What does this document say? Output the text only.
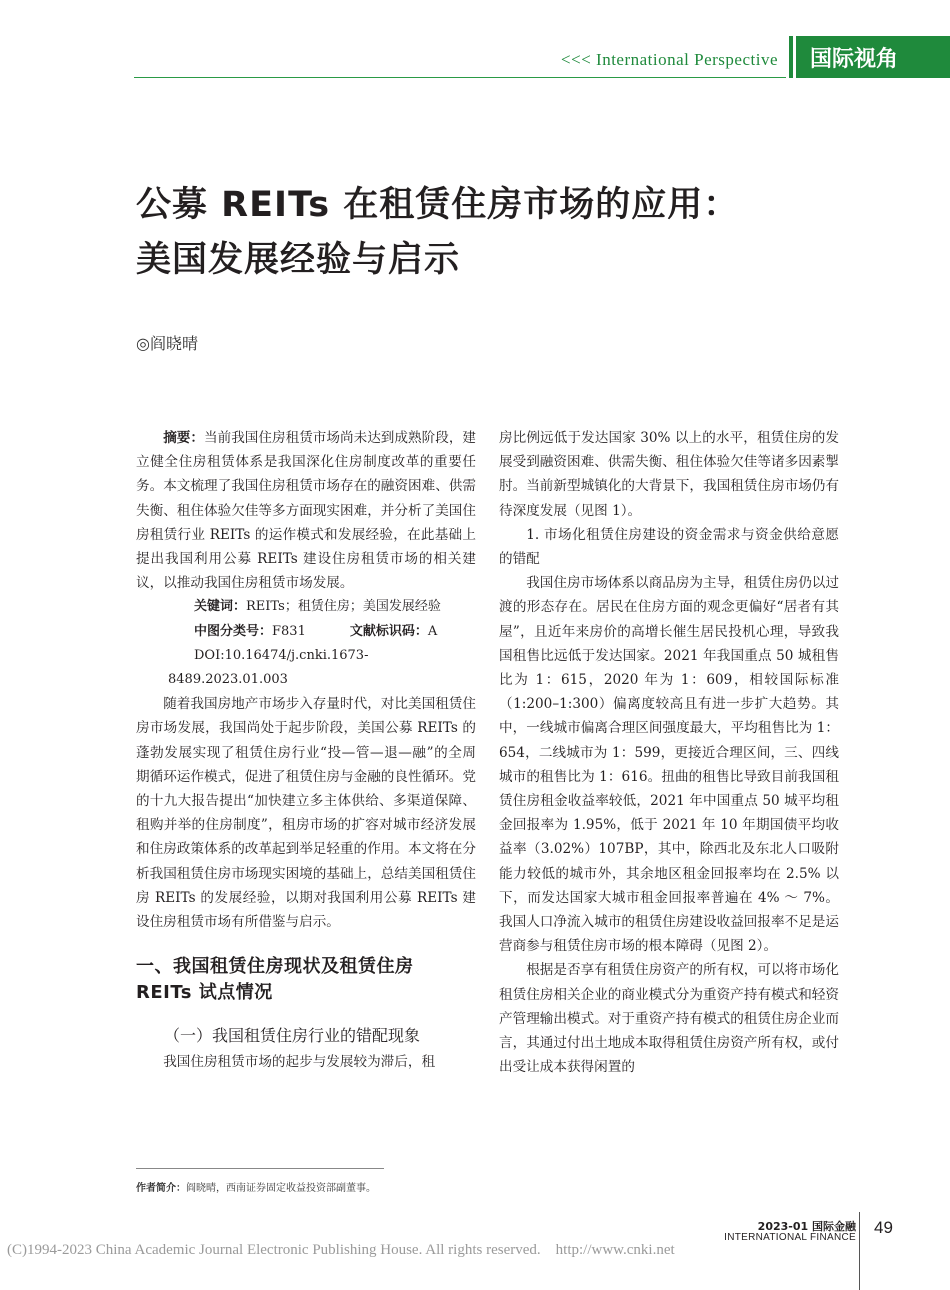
<<< International Perspective 国际视角
公募 REITs 在租赁住房市场的应用：
美国发展经验与启示
◎阎晓晴

摘要：当前我国住房租赁市场尚未达到成熟阶段，建立健全住房租赁体系是我国深化住房制度改革的重要任务。本文梳理了我国住房租赁市场存在的融资困难、供需失衡、租住体验欠佳等多方面现实困难，并分析了美国住房租赁行业 REITs 的运作模式和发展经验，在此基础上提出我国利用公募 REITs 建设住房租赁市场的相关建议，以推动我国住房租赁市场发展。

关键词：REITs；租赁住房；美国发展经验

中图分类号：F831	文献标识码：A

DOI:10.16474/j.cnki.1673-8489.2023.01.003

随着我国房地产市场步入存量时代，对比美国租赁住房市场发展，我国尚处于起步阶段，美国公募 REITs 的蓬勃发展实现了租赁住房行业“投—管—退—融”的全周期循环运作模式，促进了租赁住房与金融的良性循环。党的十九大报告提出“加快建立多主体供给、多渠道保障、租购并举的住房制度”，租房市场的扩容对城市经济发展和住房政策体系的改革起到举足轻重的作用。本文将在分析我国租赁住房市场现实困境的基础上，总结美国租赁住房 REITs 的发展经验，以期对我国利用公募 REITs 建设住房租赁市场有所借鉴与启示。

一、我国租赁住房现状及租赁住房
REITs 试点情况
（一）我国租赁住房行业的错配现象

我国住房租赁市场的起步与发展较为滞后，租

房比例远低于发达国家 30% 以上的水平，租赁住房的发展受到融资困难、供需失衡、租住体验欠佳等诸多因素掣肘。当前新型城镇化的大背景下，我国租赁住房市场仍有待深度发展（见图 1）。

1. 市场化租赁住房建设的资金需求与资金供给意愿的错配

我国住房市场体系以商品房为主导，租赁住房仍以过渡的形态存在。居民在住房方面的观念更偏好“居者有其屋”，且近年来房价的高增长催生居民投机心理，导致我国租售比远低于发达国家。2021 年我国重点 50 城租售比为 1：615，2020 年为 1：609，相较国际标准（1:200–1:300）偏离度较高且有进一步扩大趋势。其中，一线城市偏离合理区间强度最大，平均租售比为 1：654，二线城市为 1：599，更接近合理区间，三、四线城市的租售比为 1：616。扭曲的租售比导致目前我国租赁住房租金收益率较低，2021 年中国重点 50 城平均租金回报率为 1.95%，低于 2021 年 10 年期国债平均收益率（3.02%）107BP，其中，除西北及东北人口吸附能力较低的城市外，其余地区租金回报率均在 2.5% 以下，而发达国家大城市租金回报率普遍在 4% ～ 7%。我国人口净流入城市的租赁住房建设收益回报率不足是运营商参与租赁住房市场的根本障碍（见图 2）。

根据是否享有租赁住房资产的所有权，可以将市场化租赁住房相关企业的商业模式分为重资产持有模式和轻资产管理输出模式。对于重资产持有模式的租赁住房企业而言，其通过付出土地成本取得租赁住房资产所有权，或付出受让成本获得闲置的

作者简介：阎晓晴，西南证券固定收益投资部副董事。
2023-01 国际金融
INTERNATIONAL FINANCE
49
(C)1994-2023 China Academic Journal Electronic Publishing House. All rights reserved.    http://www.cnki.net
